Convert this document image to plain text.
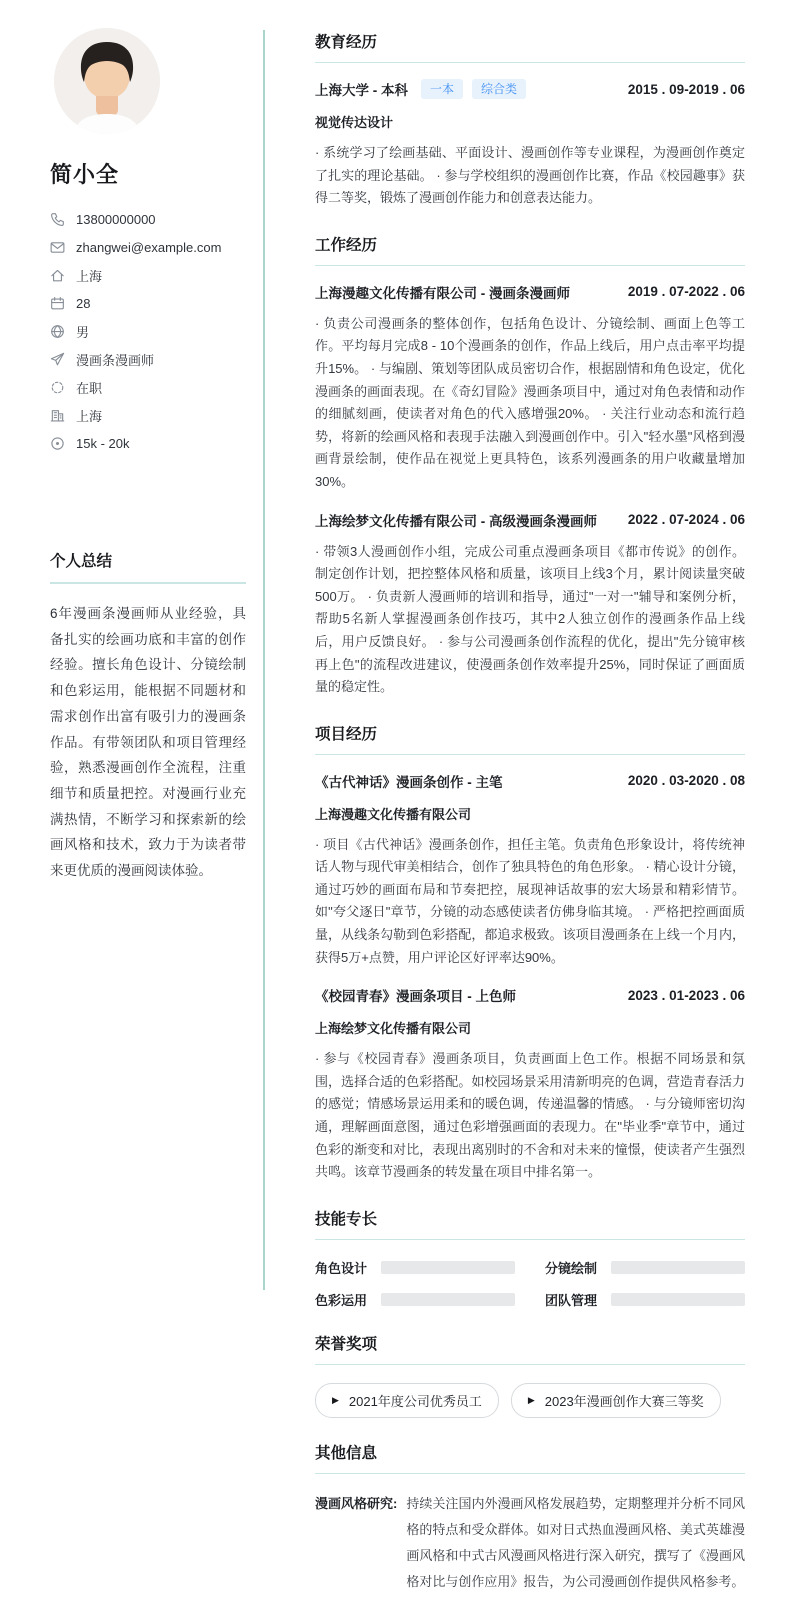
简小全
13800000000
zhangwei@example.com
上海
28
男
漫画条漫画师
在职
上海
15k - 20k
个人总结

6年漫画条漫画师从业经验，具备扎实的绘画功底和丰富的创作经验。擅长角色设计、分镜绘制和色彩运用，能根据不同题材和需求创作出富有吸引力的漫画条作品。有带领团队和项目管理经验，熟悉漫画创作全流程，注重细节和质量把控。对漫画行业充满热情，不断学习和探索新的绘画风格和技术，致力于为读者带来更优质的漫画阅读体验。

教育经历
上海大学 - 本科	一本	综合类	2015 . 09-2019 . 06
视觉传达设计

· 系统学习了绘画基础、平面设计、漫画创作等专业课程，为漫画创作奠定了扎实的理论基础。 · 参与学校组织的漫画创作比赛，作品《校园趣事》获得二等奖，锻炼了漫画创作能力和创意表达能力。

工作经历
上海漫趣文化传播有限公司 - 漫画条漫画师	2019 . 07-2022 . 06

· 负责公司漫画条的整体创作，包括角色设计、分镜绘制、画面上色等工作。平均每月完成8 - 10个漫画条的创作，作品上线后，用户点击率平均提升15%。 · 与编剧、策划等团队成员密切合作，根据剧情和角色设定，优化漫画条的画面表现。在《奇幻冒险》漫画条项目中，通过对角色表情和动作的细腻刻画，使读者对角色的代入感增强20%。 · 关注行业动态和流行趋势，将新的绘画风格和表现手法融入到漫画创作中。引入"轻水墨"风格到漫画背景绘制，使作品在视觉上更具特色，该系列漫画条的用户收藏量增加30%。

上海绘梦文化传播有限公司 - 高级漫画条漫画师 2022 . 07-2024 . 06

· 带领3人漫画创作小组，完成公司重点漫画条项目《都市传说》的创作。制定创作计划，把控整体风格和质量，该项目上线3个月，累计阅读量突破500万。 · 负责新人漫画师的培训和指导，通过"一对一"辅导和案例分析，帮助5名新人掌握漫画条创作技巧，其中2人独立创作的漫画条作品上线后，用户反馈良好。 · 参与公司漫画条创作流程的优化，提出"先分镜审核再上色"的流程改进建议，使漫画条创作效率提升25%，同时保证了画面质量的稳定性。

项目经历
《古代神话》漫画条创作 - 主笔	2020 . 03-2020 . 08
上海漫趣文化传播有限公司

· 项目《古代神话》漫画条创作，担任主笔。负责角色形象设计，将传统神话人物与现代审美相结合，创作了独具特色的角色形象。 · 精心设计分镜，通过巧妙的画面布局和节奏把控，展现神话故事的宏大场景和精彩情节。如"夸父逐日"章节，分镜的动态感使读者仿佛身临其境。 · 严格把控画面质量，从线条勾勒到色彩搭配，都追求极致。该项目漫画条在上线一个月内，获得5万+点赞，用户评论区好评率达90%。

《校园青春》漫画条项目 - 上色师	2023 . 01-2023 . 06
上海绘梦文化传播有限公司

· 参与《校园青春》漫画条项目，负责画面上色工作。根据不同场景和氛围，选择合适的色彩搭配。如校园场景采用清新明亮的色调，营造青春活力的感觉；情感场景运用柔和的暖色调，传递温馨的情感。 · 与分镜师密切沟通，理解画面意图，通过色彩增强画面的表现力。在"毕业季"章节中，通过色彩的渐变和对比，表现出离别时的不舍和对未来的憧憬，使读者产生强烈共鸣。该章节漫画条的转发量在项目中排名第一。

技能专长
角色设计	分镜绘制
色彩运用	团队管理
荣誉奖项
▶ 2021年度公司优秀员工	▶ 2023年漫画创作大赛三等奖
其他信息
漫画风格研究: 持续关注国内外漫画风格发展趋势，定期整理并分析不同风格的特点和受众群体。如对日式热血漫画风格、美式英雄漫画风格和中式古风漫画风格进行深入研究，撰写了《漫画风格对比与创作应用》报告，为公司漫画创作提供风格参考。
